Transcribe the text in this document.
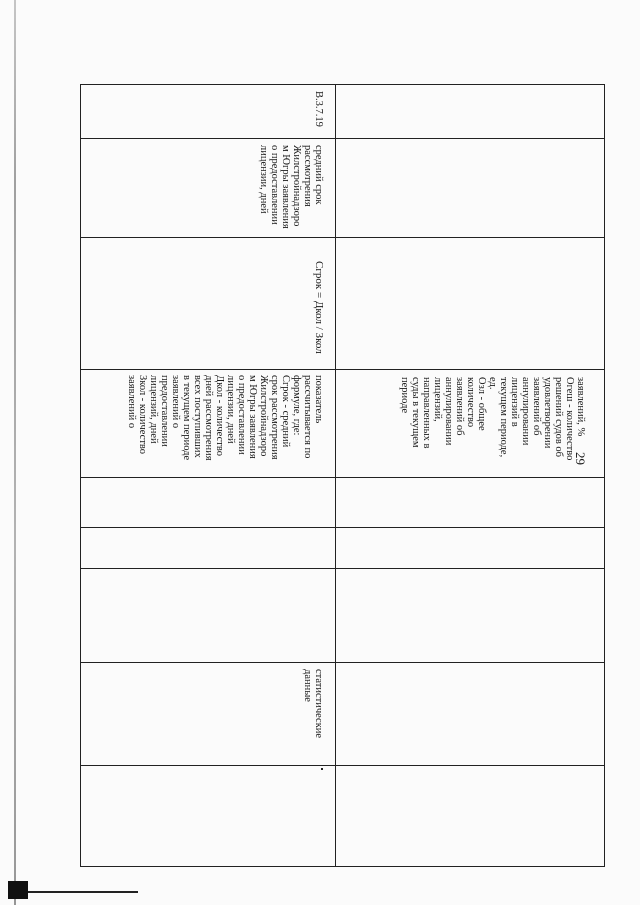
29
В.3.7.19
средний срок
рассмотрения
Жилстройнадзоро
м Югры заявления
о предоставлении
лицензии, дней
Сгрок = Дкол / Зкол
показатель
рассчитывается по
формуле, где:
Сгрок - средний
срок рассмотрения
Жилстройнадзоро
м Югры заявления
о предоставлении
лицензии, дней
Дкол - количество
дней рассмотрения
всех поступивших
в текущем периоде
заявлений о
предоставлении
лицензий, дней
Зкол - количество
заявлений о
статистические
данные
заявлений, %
Огеш - количество
решений судов об
удовлетворении
заявлений об
аннулировании
лицензий в
текущем периоде,
ед.
Озл - общее
количество
заявлений об
аннулировании
лицензий,
направленных в
суды в текущем
периоде
